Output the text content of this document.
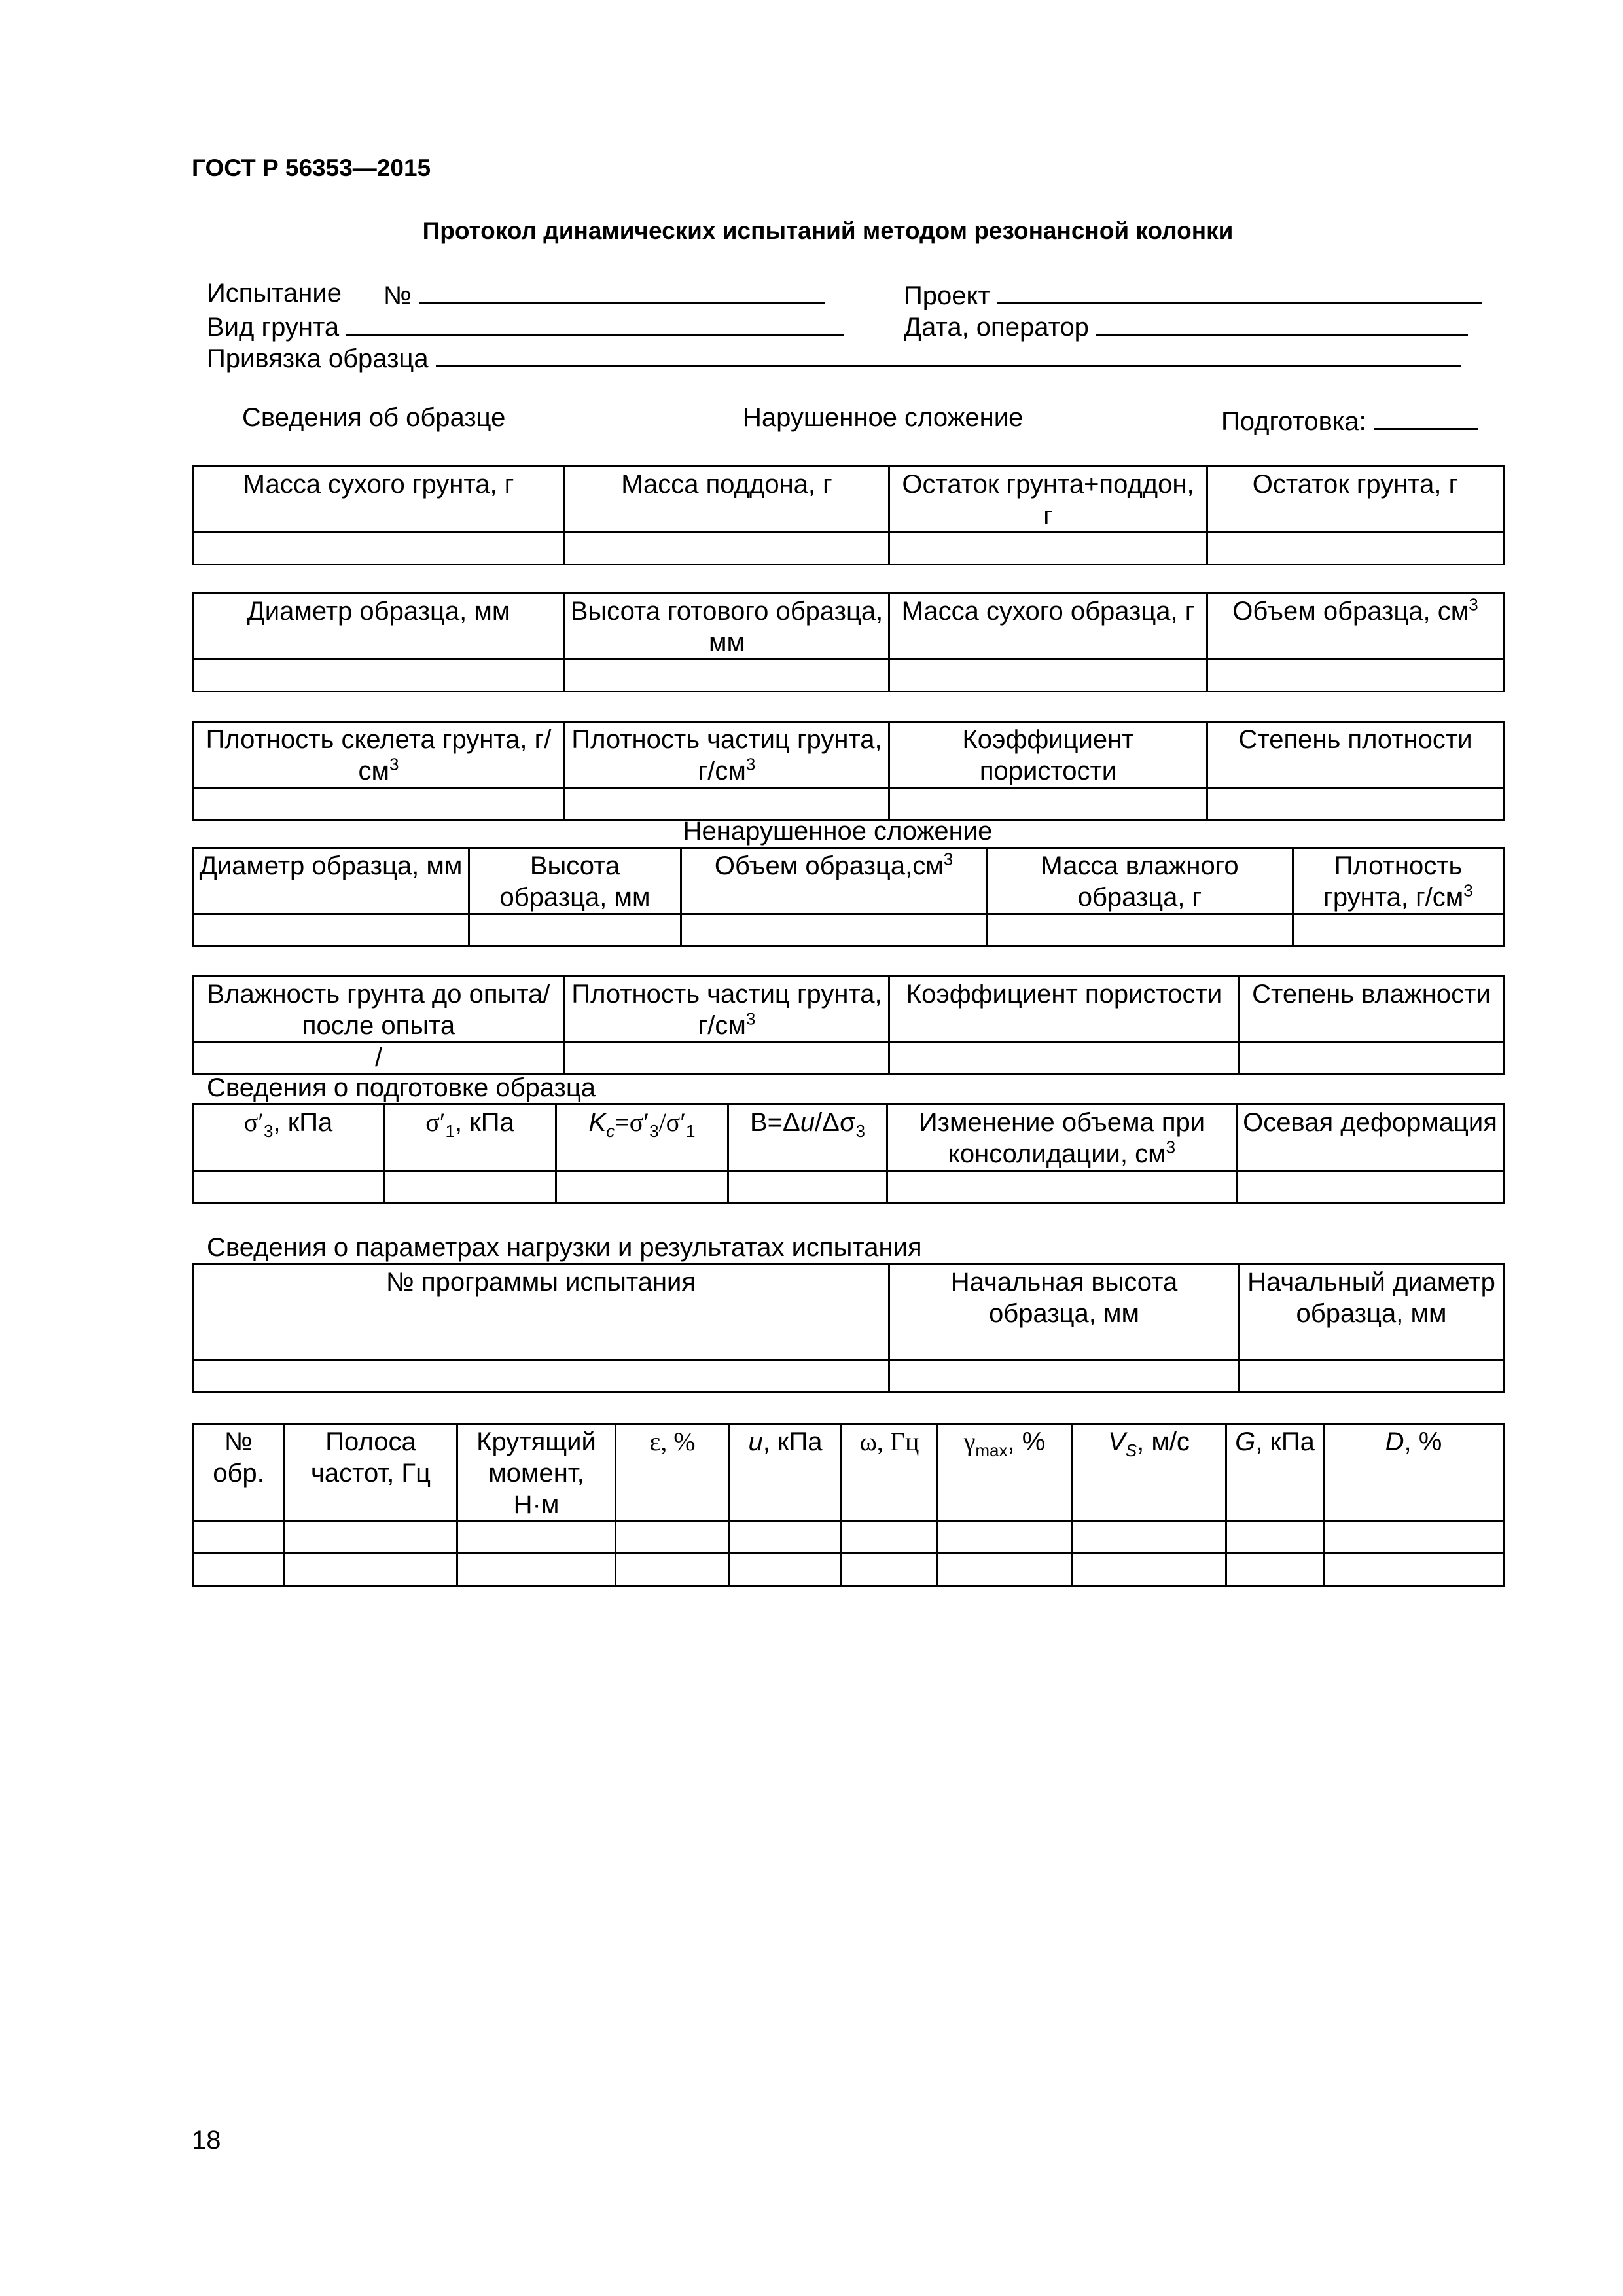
ГОСТ Р 56353—2015
Протокол динамических испытаний методом резонансной колонки
Испытание №	Проект
Вид грунта	Дата, оператор
Привязка образца
Сведения об образце	Нарушенное сложение	Подготовка:
Масса сухого грунта, г	Масса поддона, г	Остаток грунта+поддон, г	Остаток грунта, г

Диаметр образца, мм	Высота готового образца, мм	Масса сухого образца, г	Объем образца, $см^3$

Плотность скелета грунта, $г/см^3$	Плотность частиц грунта, $г/см^3$	Коэффициент пористости	Степень плотности

Ненарушенное сложение
Диаметр образца, мм	Высота образца, мм	Объем $образца,см^3$	Масса влажного образца, г	Плотность грунта, $г/см^3$

Влажность грунта до опыта/после опыта	Плотность частиц грунта, $г/см^3$	Коэффициент пористости	Степень влажности
/			
Сведения о подготовке образца
$\sigma'_3$, кПа	$\sigma'_1$, кПа	$K_c=\sigma'_3/\sigma'_1$	$B=\Delta u/\Delta\sigma_3$	Изменение объема при консолидации, $см^3$	Осевая деформация

Сведения о параметрах нагрузки и результатах испытания
№ программы испытания	Начальная высота образца, мм	Начальный диаметр образца, мм

№ обр.	Полоса частот, Гц	Крутящий момент, Н·м	ε, %	u, кПа	ω, Гц	$\gamma_{max}$, %	$V_S$, м/с	G, кПа	D, %

18
